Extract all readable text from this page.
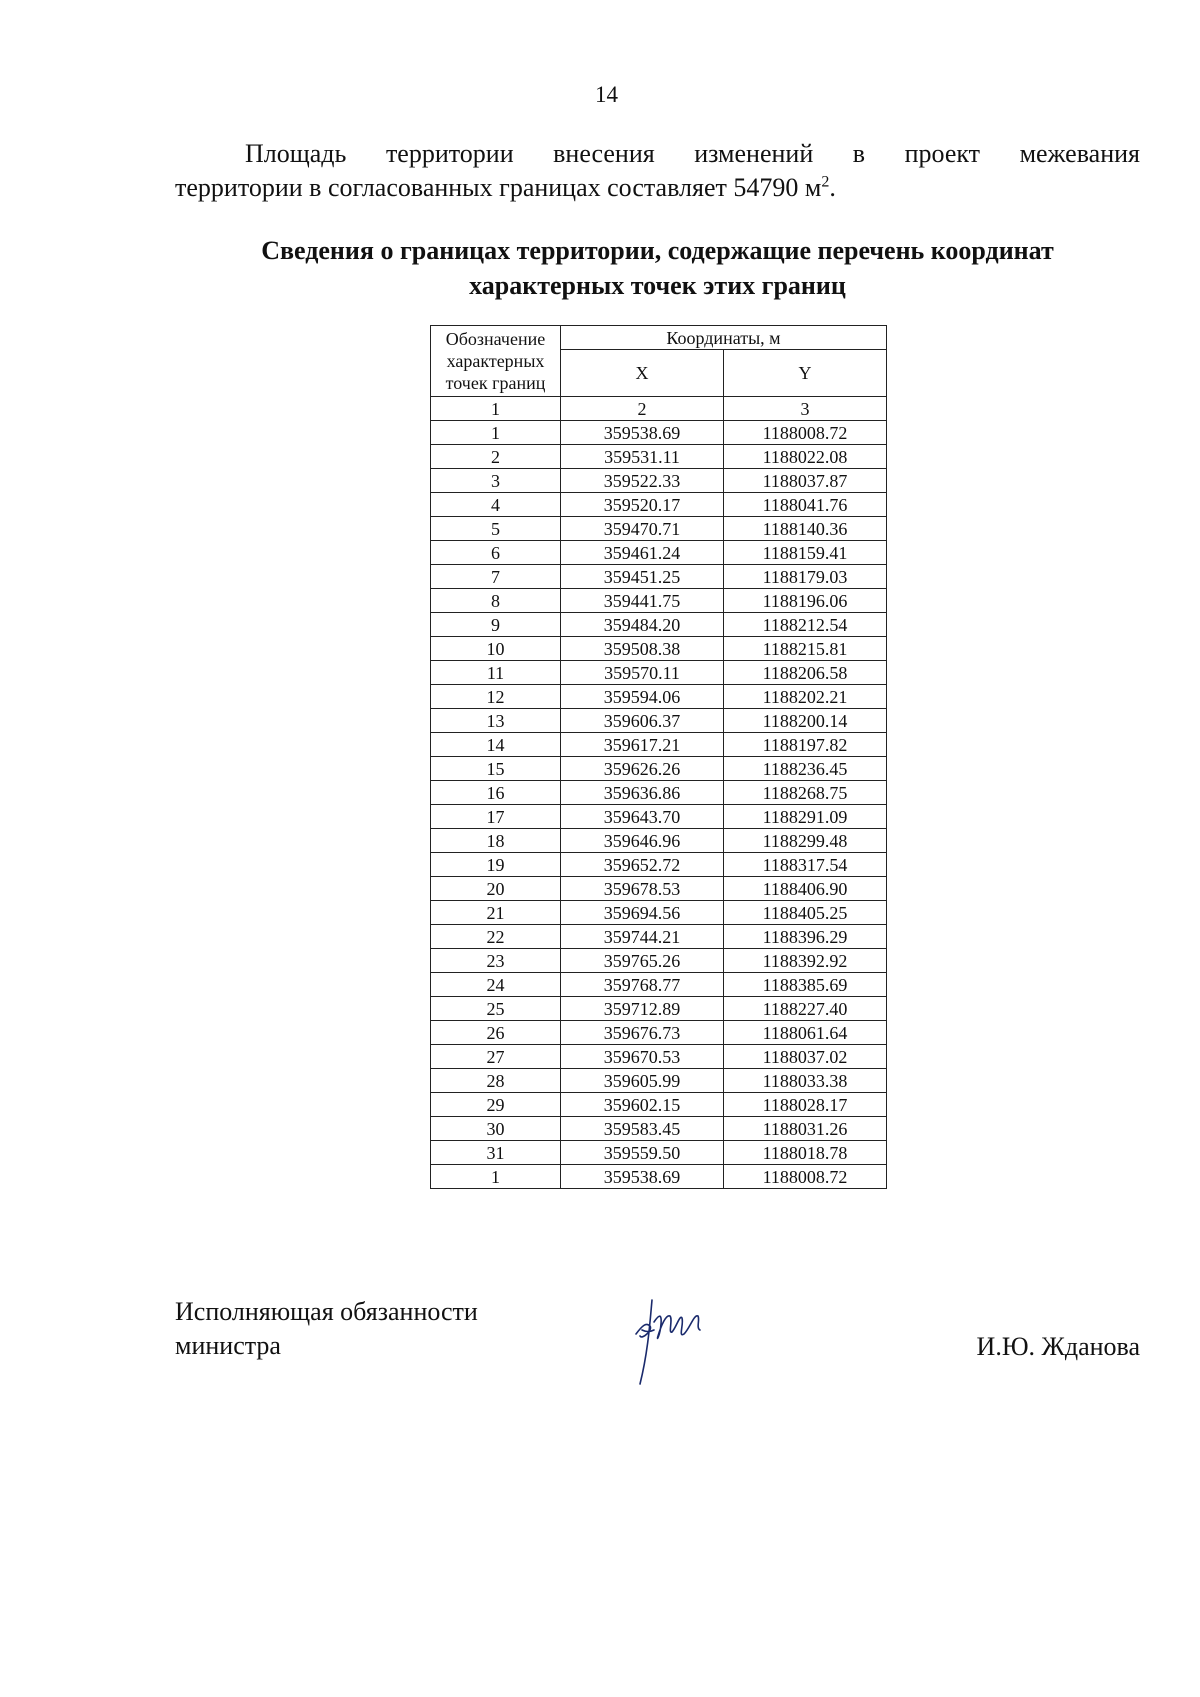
14
Площадь территории внесения изменений в проект межевания
территории в согласованных границах составляет 54790 $м^2$.
Сведения о границах территории, содержащие перечень координат
характерных точек этих границ
Обозначение характерных точек границ	Координаты, м	
	X	Y
1	2	3
1	359538.69	1188008.72
2	359531.11	1188022.08
3	359522.33	1188037.87
4	359520.17	1188041.76
5	359470.71	1188140.36
6	359461.24	1188159.41
7	359451.25	1188179.03
8	359441.75	1188196.06
9	359484.20	1188212.54
10	359508.38	1188215.81
11	359570.11	1188206.58
12	359594.06	1188202.21
13	359606.37	1188200.14
14	359617.21	1188197.82
15	359626.26	1188236.45
16	359636.86	1188268.75
17	359643.70	1188291.09
18	359646.96	1188299.48
19	359652.72	1188317.54
20	359678.53	1188406.90
21	359694.56	1188405.25
22	359744.21	1188396.29
23	359765.26	1188392.92
24	359768.77	1188385.69
25	359712.89	1188227.40
26	359676.73	1188061.64
27	359670.53	1188037.02
28	359605.99	1188033.38
29	359602.15	1188028.17
30	359583.45	1188031.26
31	359559.50	1188018.78
1	359538.69	1188008.72
Исполняющая обязанности
министра	И.Ю. Жданова
